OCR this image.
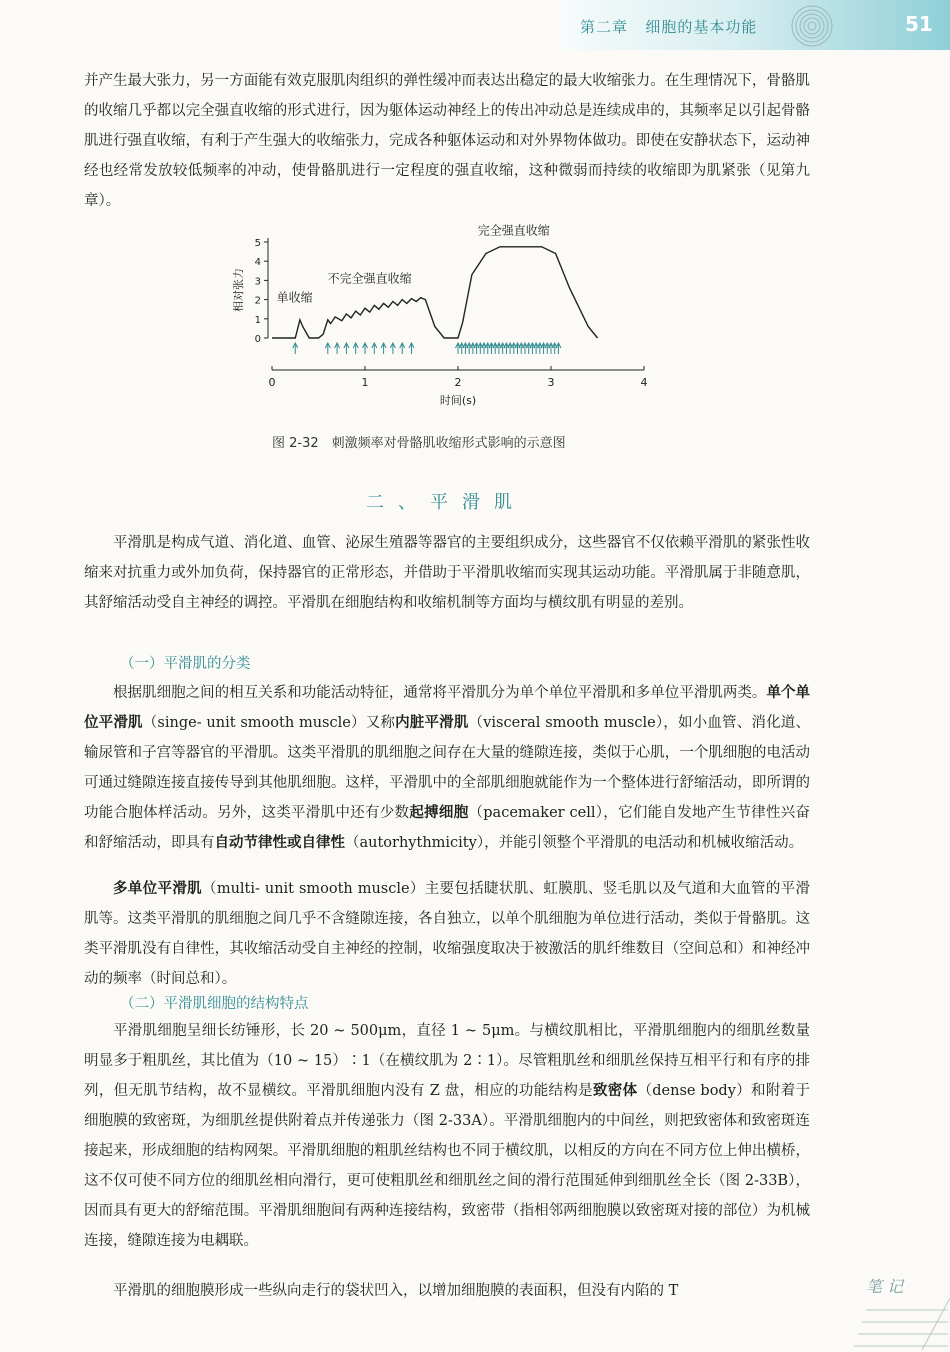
第二章 细胞的基本功能	51

并产生最大张力，另一方面能有效克服肌肉组织的弹性缓冲而表达出稳定的最大收缩张力。在生理情况下，骨骼肌的收缩几乎都以完全强直收缩的形式进行，因为躯体运动神经上的传出冲动总是连续成串的，其频率足以引起骨骼肌进行强直收缩，有利于产生强大的收缩张力，完成各种躯体运动和对外界物体做功。即使在安静状态下，运动神经也经常发放较低频率的冲动，使骨骼肌进行一定程度的强直收缩，这种微弱而持续的收缩即为肌紧张（见第九章）。

0
1
2
3
4
5
0	1	2	3	4
单收缩
不完全强直收缩
完全强直收缩
相对张力
时间(s)
图 2-32　刺激频率对骨骼肌收缩形式影响的示意图
二、平滑肌

平滑肌是构成气道、消化道、血管、泌尿生殖器等器官的主要组织成分，这些器官不仅依赖平滑肌的紧张性收缩来对抗重力或外加负荷，保持器官的正常形态，并借助于平滑肌收缩而实现其运动功能。平滑肌属于非随意肌，其舒缩活动受自主神经的调控。平滑肌在细胞结构和收缩机制等方面均与横纹肌有明显的差别。

（一）平滑肌的分类

根据肌细胞之间的相互关系和功能活动特征，通常将平滑肌分为单个单位平滑肌和多单位平滑肌两类。单个单位平滑肌（singe- unit smooth muscle）又称内脏平滑肌（visceral smooth muscle），如小血管、消化道、输尿管和子宫等器官的平滑肌。这类平滑肌的肌细胞之间存在大量的缝隙连接，类似于心肌，一个肌细胞的电活动可通过缝隙连接直接传导到其他肌细胞。这样，平滑肌中的全部肌细胞就能作为一个整体进行舒缩活动，即所谓的功能合胞体样活动。另外，这类平滑肌中还有少数起搏细胞（pacemaker cell），它们能自发地产生节律性兴奋和舒缩活动，即具有自动节律性或自律性（autorhythmicity），并能引领整个平滑肌的电活动和机械收缩活动。

多单位平滑肌（multi- unit smooth muscle）主要包括睫状肌、虹膜肌、竖毛肌以及气道和大血管的平滑肌等。这类平滑肌的肌细胞之间几乎不含缝隙连接，各自独立，以单个肌细胞为单位进行活动，类似于骨骼肌。这类平滑肌没有自律性，其收缩活动受自主神经的控制，收缩强度取决于被激活的肌纤维数目（空间总和）和神经冲动的频率（时间总和）。

（二）平滑肌细胞的结构特点

平滑肌细胞呈细长纺锤形，长 20 ~ 500μm，直径 1 ~ 5μm。与横纹肌相比，平滑肌细胞内的细肌丝数量明显多于粗肌丝，其比值为（10 ~ 15）∶1（在横纹肌为 2∶1）。尽管粗肌丝和细肌丝保持互相平行和有序的排列，但无肌节结构，故不显横纹。平滑肌细胞内没有 Z 盘，相应的功能结构是致密体（dense body）和附着于细胞膜的致密斑，为细肌丝提供附着点并传递张力（图 2-33A）。平滑肌细胞内的中间丝，则把致密体和致密斑连接起来，形成细胞的结构网架。平滑肌细胞的粗肌丝结构也不同于横纹肌，以相反的方向在不同方位上伸出横桥，这不仅可使不同方位的细肌丝相向滑行，更可使粗肌丝和细肌丝之间的滑行范围延伸到细肌丝全长（图 2-33B），因而具有更大的舒缩范围。平滑肌细胞间有两种连接结构，致密带（指相邻两细胞膜以致密斑对接的部位）为机械连接，缝隙连接为电耦联。

平滑肌的细胞膜形成一些纵向走行的袋状凹入，以增加细胞膜的表面积，但没有内陷的 T	笔 记
